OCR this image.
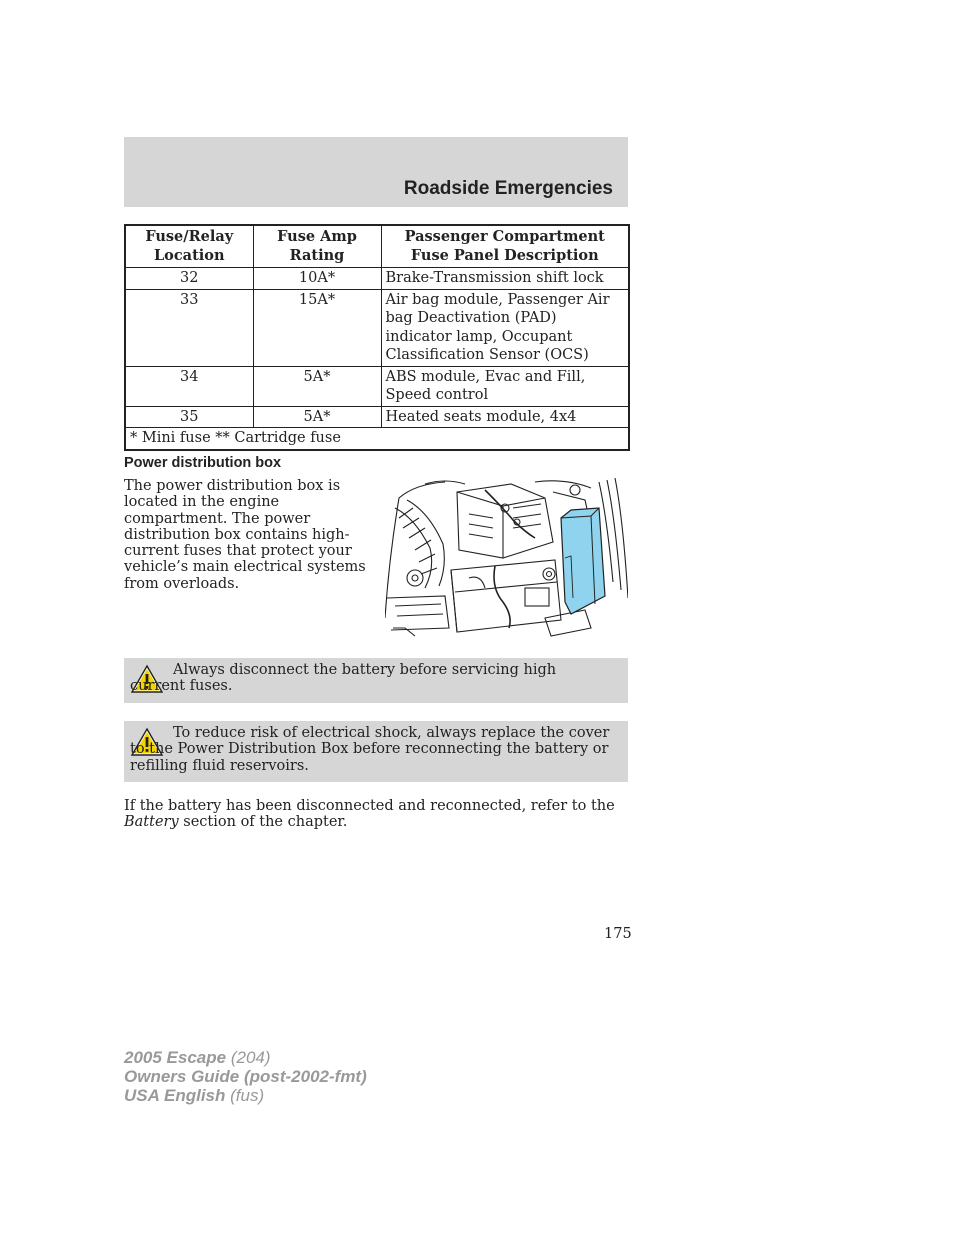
Roadside Emergencies
Fuse/Relay Location	Fuse Amp Rating	Passenger Compartment Fuse Panel Description
32	10A*	Brake-Transmission shift lock
33	15A*	Air bag module, Passenger Air bag Deactivation (PAD) indicator lamp, Occupant Classification Sensor (OCS)
34	5A*	ABS module, Evac and Fill, Speed control
35	5A*	Heated seats module, 4x4
* Mini fuse ** Cartridge fuse		
Power distribution box
The power distribution box is located in the engine compartment. The power distribution box contains high-current fuses that protect your vehicle’s main electrical systems from overloads.
Always disconnect the battery before servicing high current fuses.
To reduce risk of electrical shock, always replace the cover to the Power Distribution Box before reconnecting the battery or refilling fluid reservoirs.
If the battery has been disconnected and reconnected, refer to the Battery section of the chapter.
175
2005 Escape (204)
Owners Guide (post-2002-fmt)
USA English (fus)
